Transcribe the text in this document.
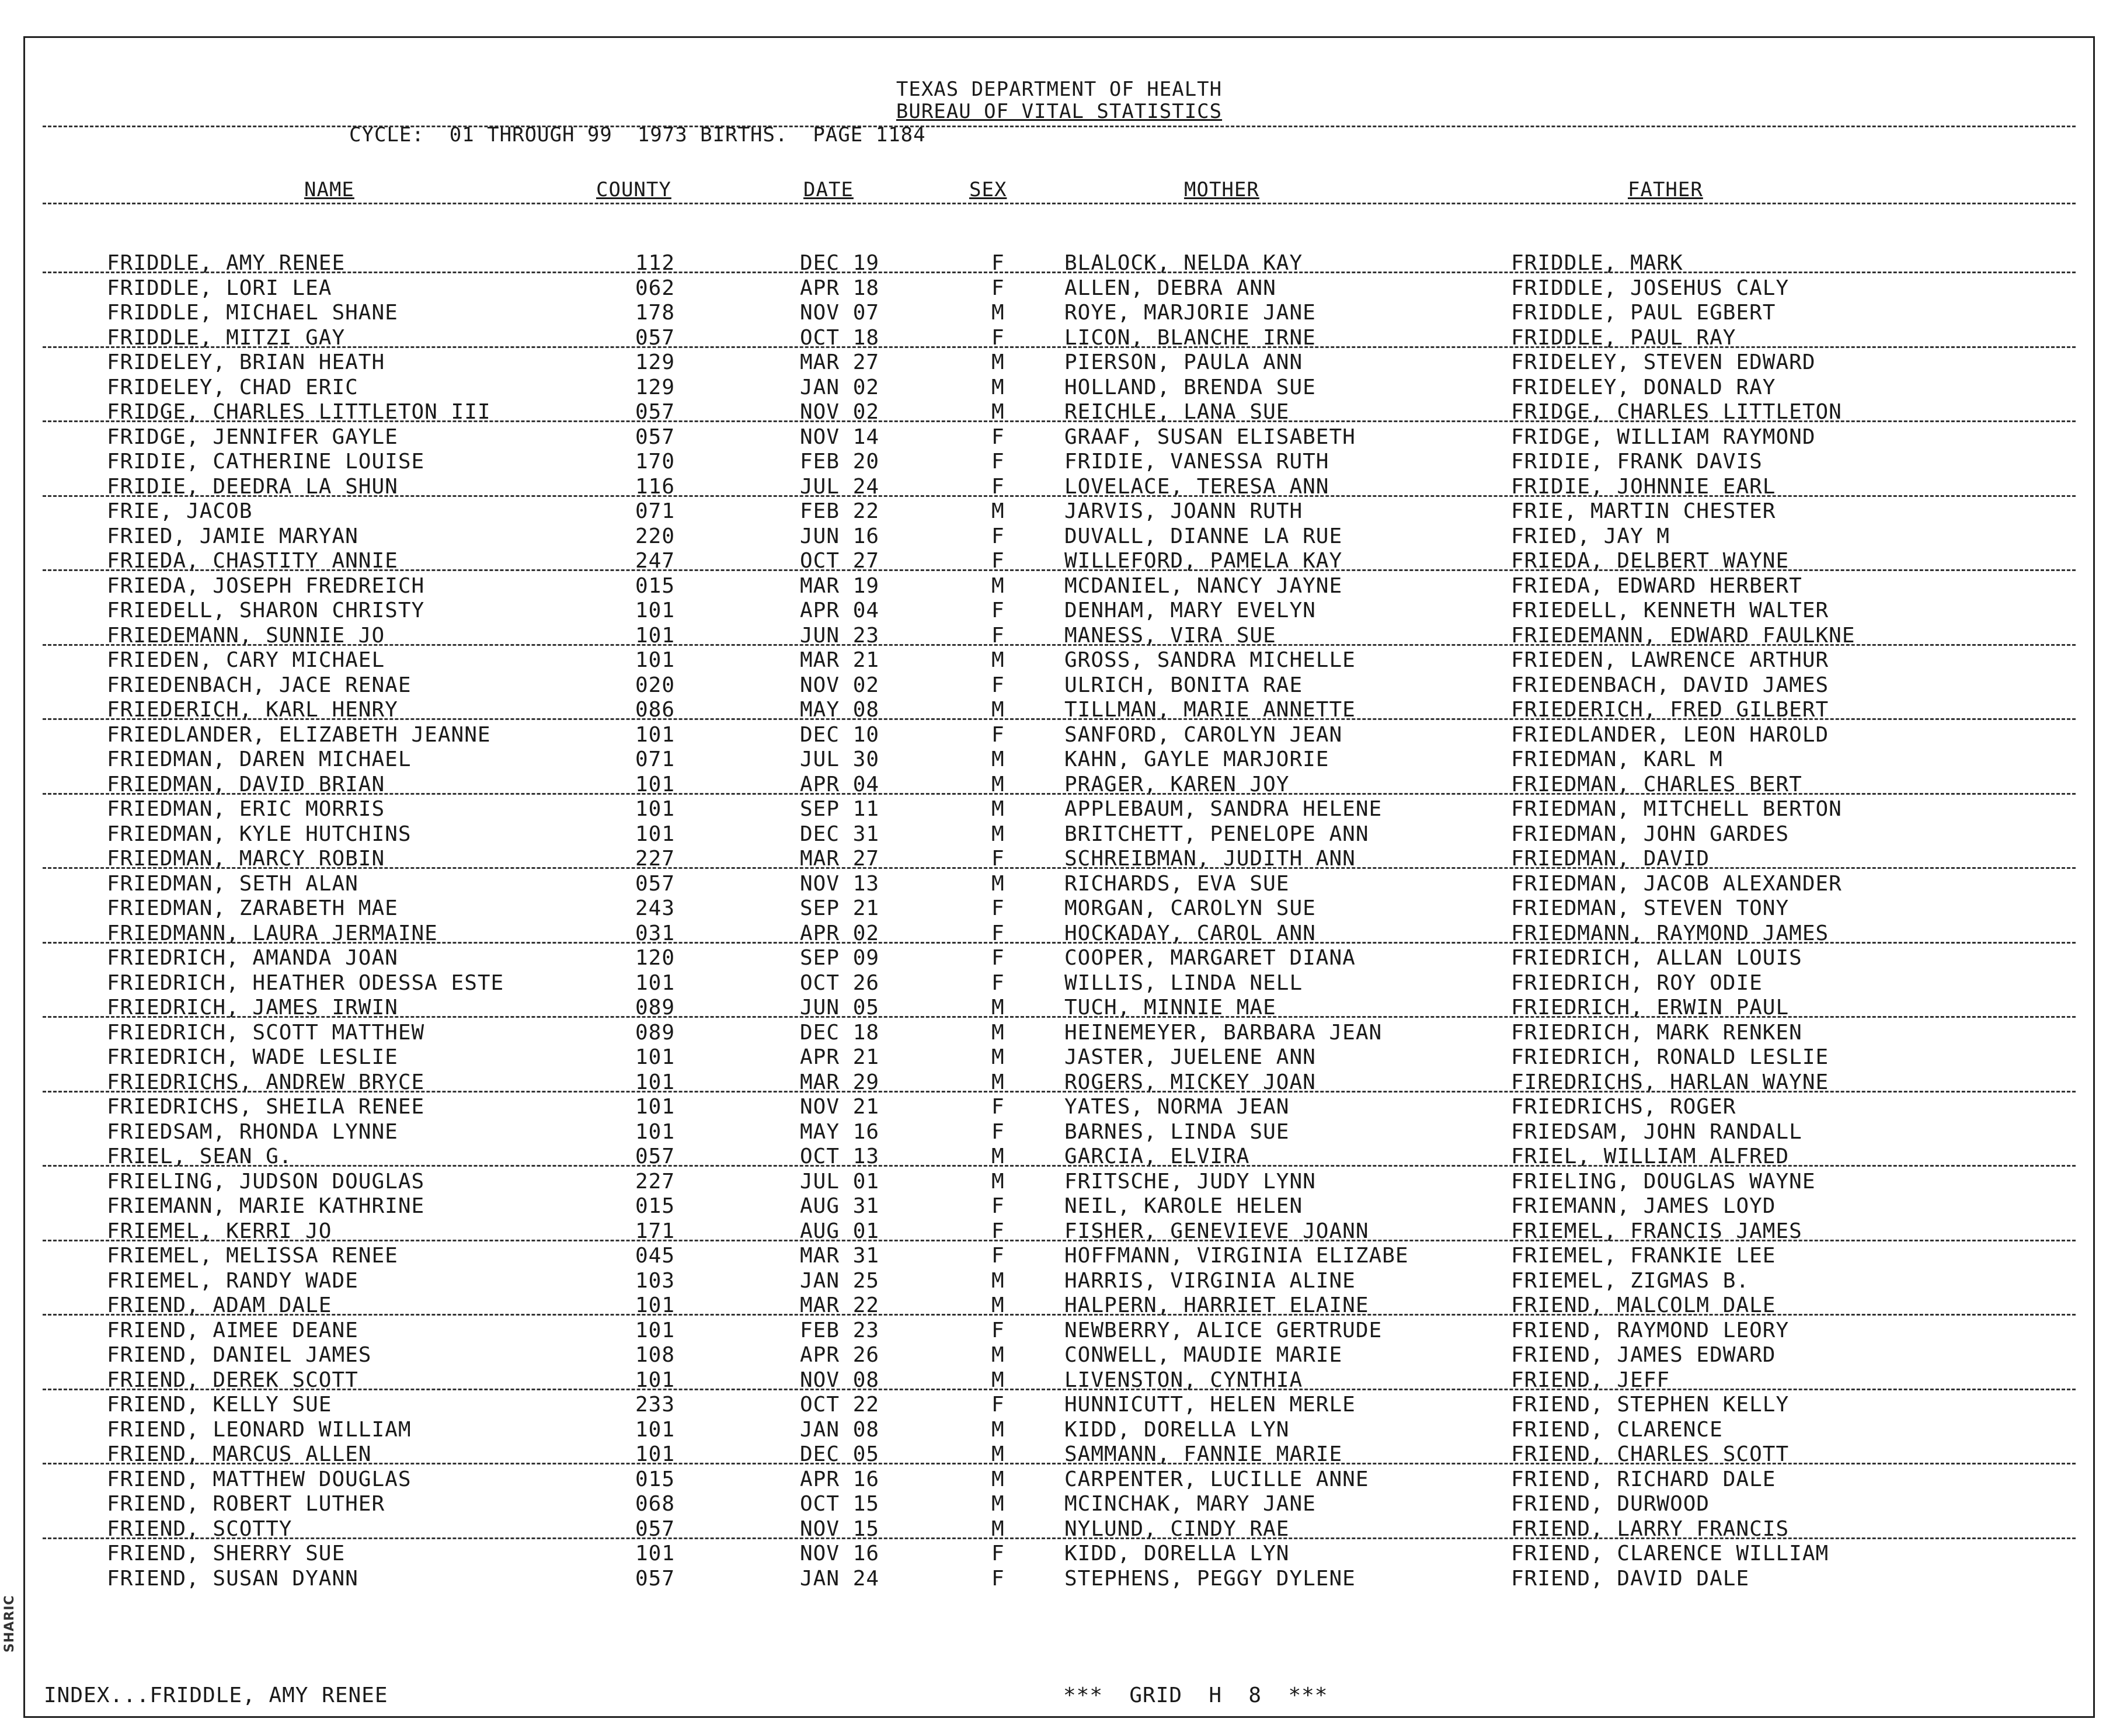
TEXAS DEPARTMENT OF HEALTH
BUREAU OF VITAL STATISTICS
CYCLE:  01 THROUGH 99  1973 BIRTHS.  PAGE 1184
NAME	COUNTY	DATE	SEX	MOTHER	FATHER
FRIDDLE, AMY RENEE	112	DEC 19	F	BLALOCK, NELDA KAY	FRIDDLE, MARK
FRIDDLE, LORI LEA	062	APR 18	F	ALLEN, DEBRA ANN	FRIDDLE, JOSEHUS CALY
FRIDDLE, MICHAEL SHANE	178	NOV 07	M	ROYE, MARJORIE JANE	FRIDDLE, PAUL EGBERT
FRIDDLE, MITZI GAY	057	OCT 18	F	LICON, BLANCHE IRNE	FRIDDLE, PAUL RAY
FRIDELEY, BRIAN HEATH	129	MAR 27	M	PIERSON, PAULA ANN	FRIDELEY, STEVEN EDWARD
FRIDELEY, CHAD ERIC	129	JAN 02	M	HOLLAND, BRENDA SUE	FRIDELEY, DONALD RAY
FRIDGE, CHARLES LITTLETON III	057	NOV 02	M	REICHLE, LANA SUE	FRIDGE, CHARLES LITTLETON
FRIDGE, JENNIFER GAYLE	057	NOV 14	F	GRAAF, SUSAN ELISABETH	FRIDGE, WILLIAM RAYMOND
FRIDIE, CATHERINE LOUISE	170	FEB 20	F	FRIDIE, VANESSA RUTH	FRIDIE, FRANK DAVIS
FRIDIE, DEEDRA LA SHUN	116	JUL 24	F	LOVELACE, TERESA ANN	FRIDIE, JOHNNIE EARL
FRIE, JACOB	071	FEB 22	M	JARVIS, JOANN RUTH	FRIE, MARTIN CHESTER
FRIED, JAMIE MARYAN	220	JUN 16	F	DUVALL, DIANNE LA RUE	FRIED, JAY M
FRIEDA, CHASTITY ANNIE	247	OCT 27	F	WILLEFORD, PAMELA KAY	FRIEDA, DELBERT WAYNE
FRIEDA, JOSEPH FREDREICH	015	MAR 19	M	MCDANIEL, NANCY JAYNE	FRIEDA, EDWARD HERBERT
FRIEDELL, SHARON CHRISTY	101	APR 04	F	DENHAM, MARY EVELYN	FRIEDELL, KENNETH WALTER
FRIEDEMANN, SUNNIE JO	101	JUN 23	F	MANESS, VIRA SUE	FRIEDEMANN, EDWARD FAULKNE
FRIEDEN, CARY MICHAEL	101	MAR 21	M	GROSS, SANDRA MICHELLE	FRIEDEN, LAWRENCE ARTHUR
FRIEDENBACH, JACE RENAE	020	NOV 02	F	ULRICH, BONITA RAE	FRIEDENBACH, DAVID JAMES
FRIEDERICH, KARL HENRY	086	MAY 08	M	TILLMAN, MARIE ANNETTE	FRIEDERICH, FRED GILBERT
FRIEDLANDER, ELIZABETH JEANNE	101	DEC 10	F	SANFORD, CAROLYN JEAN	FRIEDLANDER, LEON HAROLD
FRIEDMAN, DAREN MICHAEL	071	JUL 30	M	KAHN, GAYLE MARJORIE	FRIEDMAN, KARL M
FRIEDMAN, DAVID BRIAN	101	APR 04	M	PRAGER, KAREN JOY	FRIEDMAN, CHARLES BERT
FRIEDMAN, ERIC MORRIS	101	SEP 11	M	APPLEBAUM, SANDRA HELENE	FRIEDMAN, MITCHELL BERTON
FRIEDMAN, KYLE HUTCHINS	101	DEC 31	M	BRITCHETT, PENELOPE ANN	FRIEDMAN, JOHN GARDES
FRIEDMAN, MARCY ROBIN	227	MAR 27	F	SCHREIBMAN, JUDITH ANN	FRIEDMAN, DAVID
FRIEDMAN, SETH ALAN	057	NOV 13	M	RICHARDS, EVA SUE	FRIEDMAN, JACOB ALEXANDER
FRIEDMAN, ZARABETH MAE	243	SEP 21	F	MORGAN, CAROLYN SUE	FRIEDMAN, STEVEN TONY
FRIEDMANN, LAURA JERMAINE	031	APR 02	F	HOCKADAY, CAROL ANN	FRIEDMANN, RAYMOND JAMES
FRIEDRICH, AMANDA JOAN	120	SEP 09	F	COOPER, MARGARET DIANA	FRIEDRICH, ALLAN LOUIS
FRIEDRICH, HEATHER ODESSA ESTE	101	OCT 26	F	WILLIS, LINDA NELL	FRIEDRICH, ROY ODIE
FRIEDRICH, JAMES IRWIN	089	JUN 05	M	TUCH, MINNIE MAE	FRIEDRICH, ERWIN PAUL
FRIEDRICH, SCOTT MATTHEW	089	DEC 18	M	HEINEMEYER, BARBARA JEAN	FRIEDRICH, MARK RENKEN
FRIEDRICH, WADE LESLIE	101	APR 21	M	JASTER, JUELENE ANN	FRIEDRICH, RONALD LESLIE
FRIEDRICHS, ANDREW BRYCE	101	MAR 29	M	ROGERS, MICKEY JOAN	FIREDRICHS, HARLAN WAYNE
FRIEDRICHS, SHEILA RENEE	101	NOV 21	F	YATES, NORMA JEAN	FRIEDRICHS, ROGER
FRIEDSAM, RHONDA LYNNE	101	MAY 16	F	BARNES, LINDA SUE	FRIEDSAM, JOHN RANDALL
FRIEL, SEAN G.	057	OCT 13	M	GARCIA, ELVIRA	FRIEL, WILLIAM ALFRED
FRIELING, JUDSON DOUGLAS	227	JUL 01	M	FRITSCHE, JUDY LYNN	FRIELING, DOUGLAS WAYNE
FRIEMANN, MARIE KATHRINE	015	AUG 31	F	NEIL, KAROLE HELEN	FRIEMANN, JAMES LOYD
FRIEMEL, KERRI JO	171	AUG 01	F	FISHER, GENEVIEVE JOANN	FRIEMEL, FRANCIS JAMES
FRIEMEL, MELISSA RENEE	045	MAR 31	F	HOFFMANN, VIRGINIA ELIZABE	FRIEMEL, FRANKIE LEE
FRIEMEL, RANDY WADE	103	JAN 25	M	HARRIS, VIRGINIA ALINE	FRIEMEL, ZIGMAS B.
FRIEND, ADAM DALE	101	MAR 22	M	HALPERN, HARRIET ELAINE	FRIEND, MALCOLM DALE
FRIEND, AIMEE DEANE	101	FEB 23	F	NEWBERRY, ALICE GERTRUDE	FRIEND, RAYMOND LEORY
FRIEND, DANIEL JAMES	108	APR 26	M	CONWELL, MAUDIE MARIE	FRIEND, JAMES EDWARD
FRIEND, DEREK SCOTT	101	NOV 08	M	LIVENSTON, CYNTHIA	FRIEND, JEFF
FRIEND, KELLY SUE	233	OCT 22	F	HUNNICUTT, HELEN MERLE	FRIEND, STEPHEN KELLY
FRIEND, LEONARD WILLIAM	101	JAN 08	M	KIDD, DORELLA LYN	FRIEND, CLARENCE
FRIEND, MARCUS ALLEN	101	DEC 05	M	SAMMANN, FANNIE MARIE	FRIEND, CHARLES SCOTT
FRIEND, MATTHEW DOUGLAS	015	APR 16	M	CARPENTER, LUCILLE ANNE	FRIEND, RICHARD DALE
FRIEND, ROBERT LUTHER	068	OCT 15	M	MCINCHAK, MARY JANE	FRIEND, DURWOOD
FRIEND, SCOTTY	057	NOV 15	M	NYLUND, CINDY RAE	FRIEND, LARRY FRANCIS
FRIEND, SHERRY SUE	101	NOV 16	F	KIDD, DORELLA LYN	FRIEND, CLARENCE WILLIAM
FRIEND, SUSAN DYANN	057	JAN 24	F	STEPHENS, PEGGY DYLENE	FRIEND, DAVID DALE
INDEX...FRIDDLE, AMY RENEE	***  GRID  H  8  ***
SHARIC
